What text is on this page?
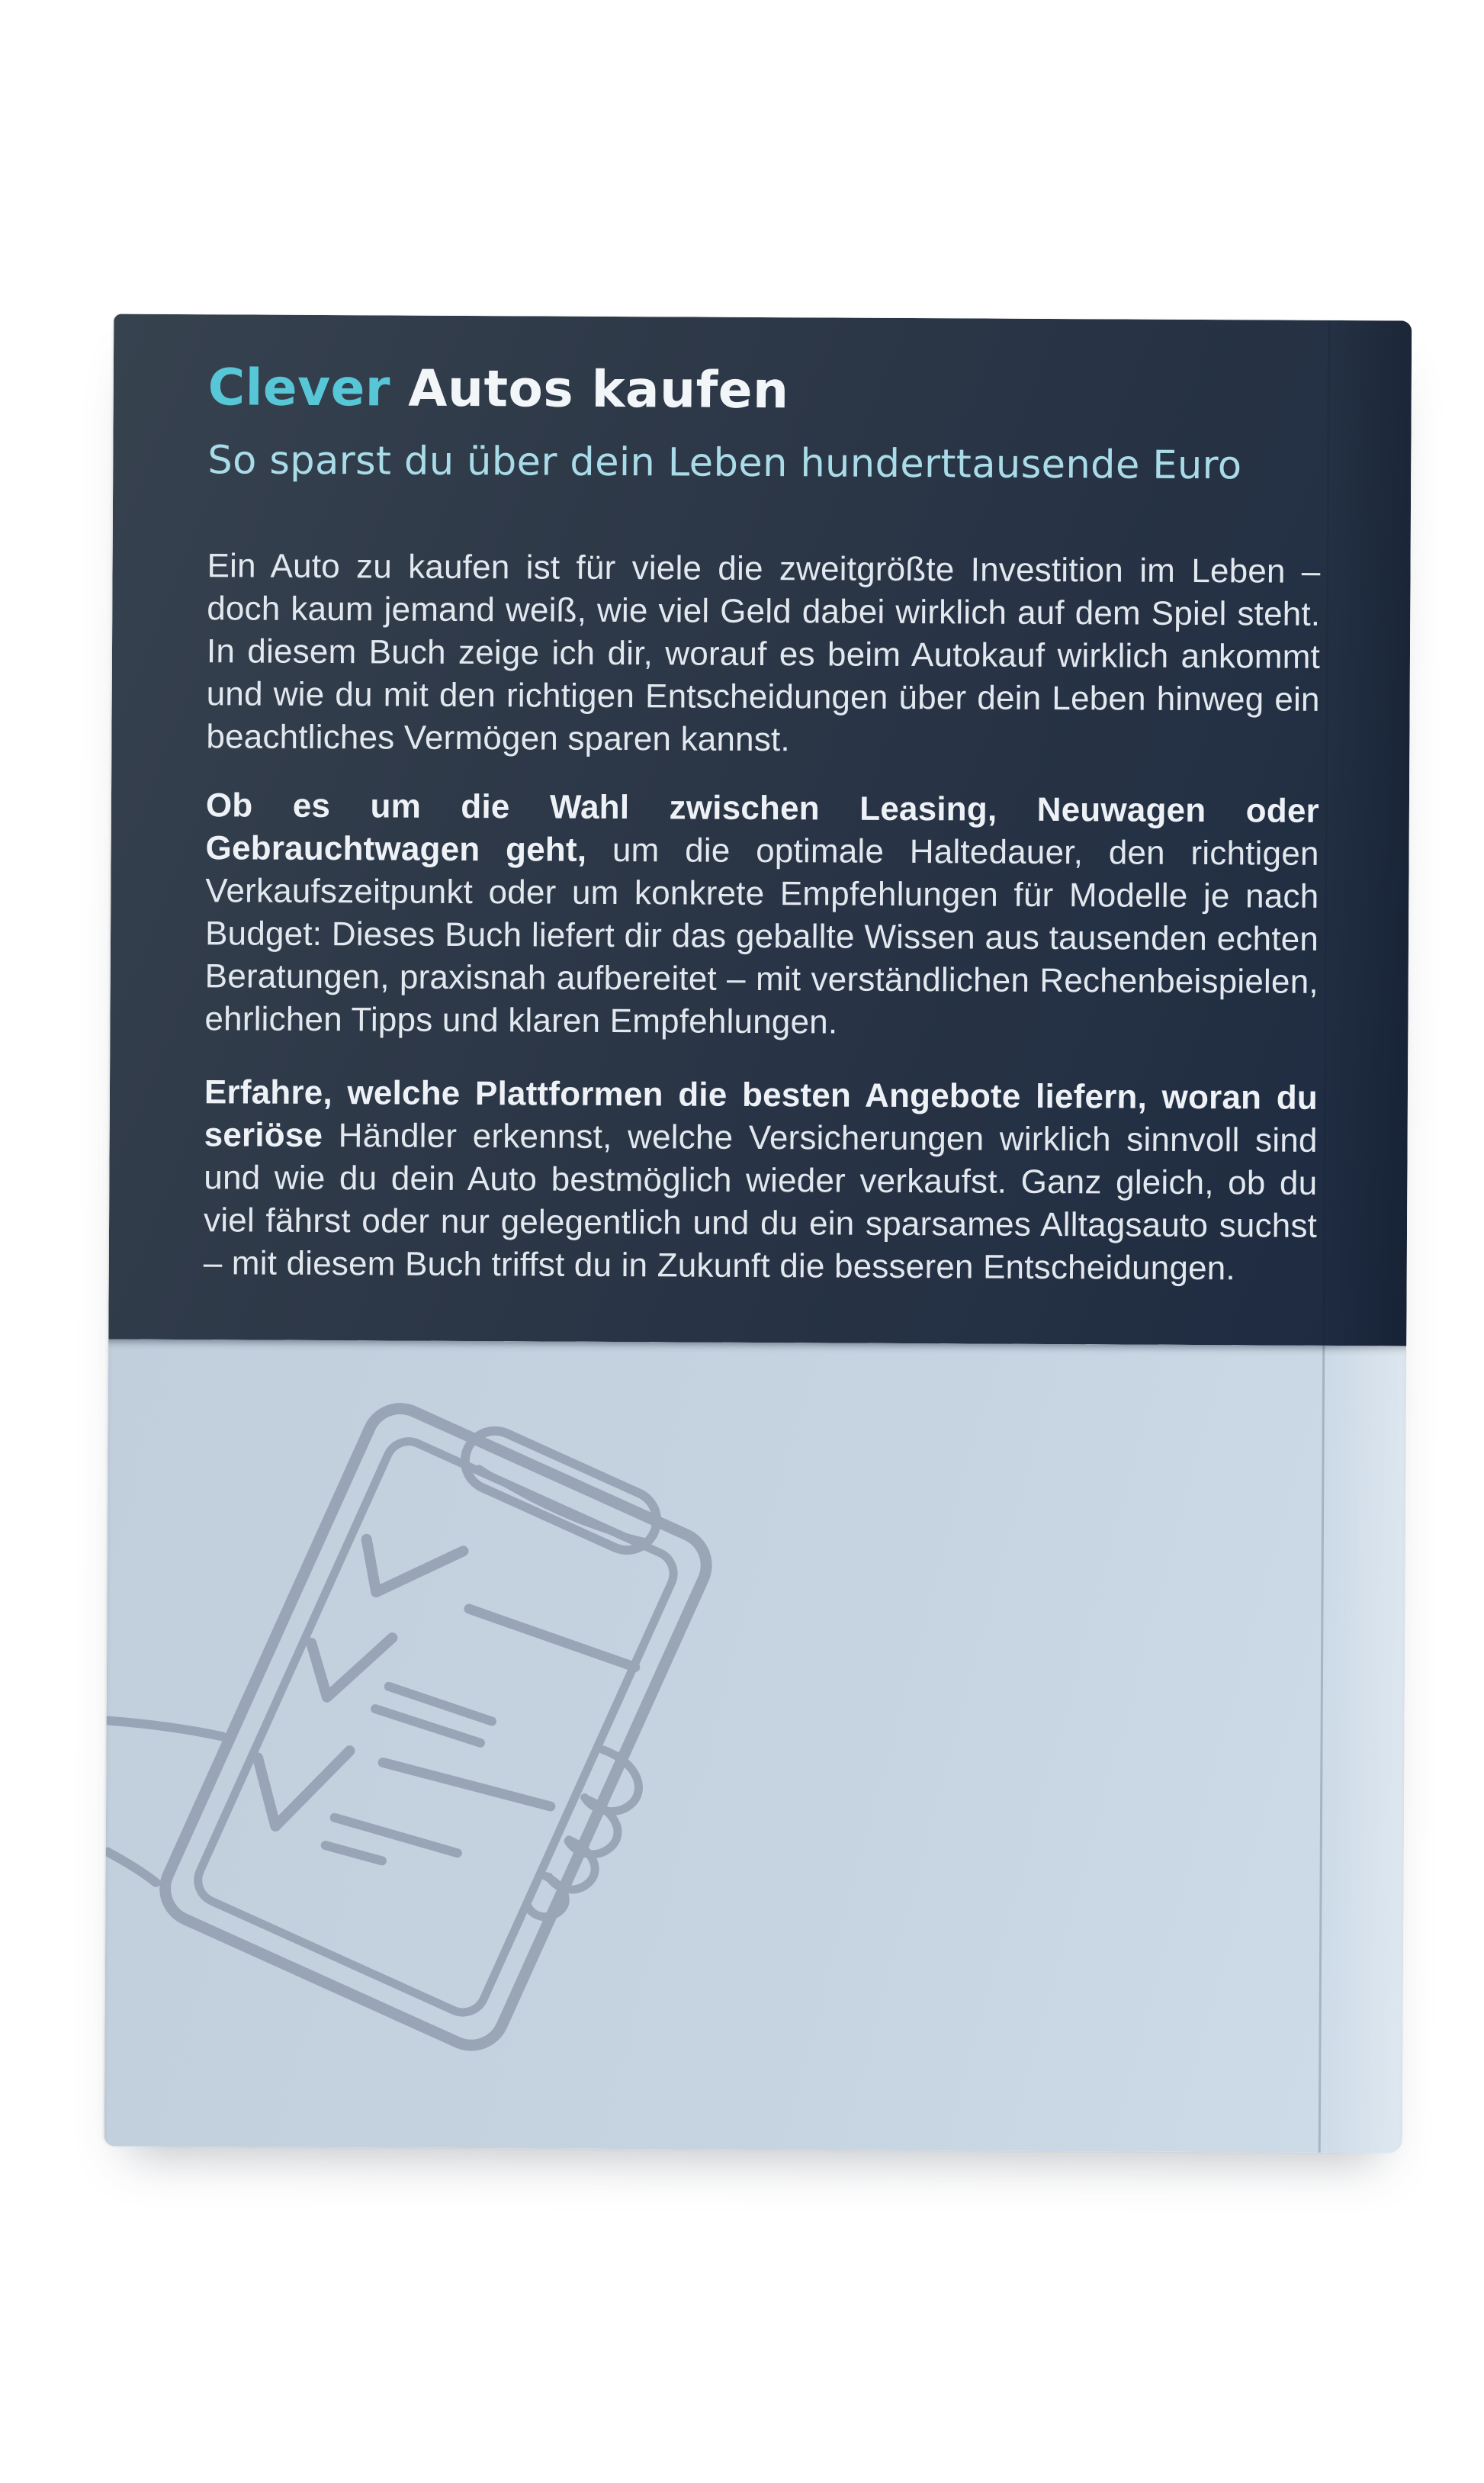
Clever Autos kaufen
So sparst du über dein Leben hunderttausende Euro

Ein Auto zu kaufen ist für viele die zweitgrößte Investition im Leben – doch kaum jemand weiß, wie viel Geld dabei wirklich auf dem Spiel steht. In diesem Buch zeige ich dir, worauf es beim Autokauf wirklich ankommt und wie du mit den richtigen Entscheidungen über dein Leben hinweg ein beachtliches Vermögen sparen kannst.

Ob es um die Wahl zwischen Leasing, Neuwagen oder Gebrauchtwagen geht, um die optimale Haltedauer, den richtigen Verkaufszeitpunkt oder um konkrete Empfehlungen für Modelle je nach Budget: Dieses Buch liefert dir das geballte Wissen aus tausenden echten Beratungen, praxisnah aufbereitet – mit verständlichen Rechenbeispielen, ehrlichen Tipps und klaren Empfehlungen.

Erfahre, welche Plattformen die besten Angebote liefern, woran du seriöse Händler erkennst, welche Versicherungen wirklich sinnvoll sind und wie du dein Auto bestmöglich wieder verkaufst. Ganz gleich, ob du viel fährst oder nur gelegentlich und du ein sparsames Alltagsauto suchst – mit diesem Buch triffst du in Zukunft die besseren Entscheidungen.
